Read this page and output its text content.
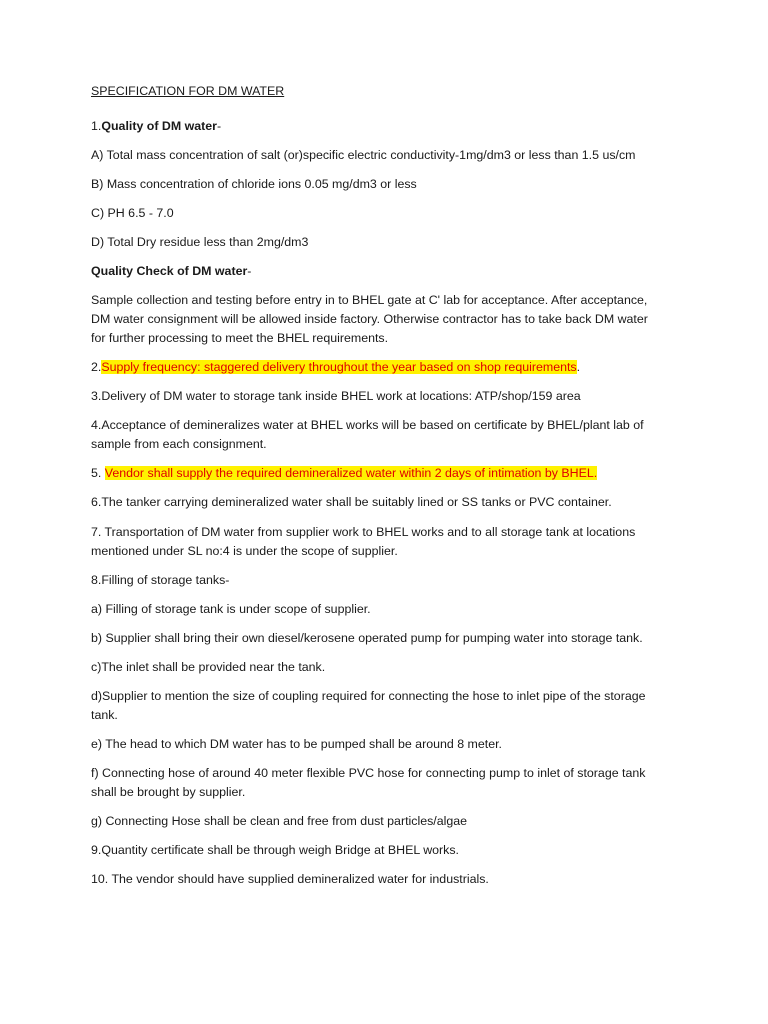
SPECIFICATION FOR DM WATER

1.Quality of DM water-

A) Total mass concentration of salt (or)specific electric conductivity-1mg/dm3 or less than 1.5 us/cm

B) Mass concentration of chloride ions 0.05 mg/dm3 or less

C) PH 6.5 - 7.0

D) Total Dry residue less than 2mg/dm3

Quality Check of DM water-

Sample collection and testing before entry in to BHEL gate at C' lab for acceptance. After acceptance,

DM water consignment will be allowed inside factory. Otherwise contractor has to take back DM water

for further processing to meet the BHEL requirements.

2.Supply frequency: staggered delivery throughout the year based on shop requirements.

3.Delivery of DM water to storage tank inside BHEL work at locations: ATP/shop/159 area

4.Acceptance of demineralizes water at BHEL works will be based on certificate by BHEL/plant lab of

sample from each consignment.

5. Vendor shall supply the required demineralized water within 2 days of intimation by BHEL.

6.The tanker carrying demineralized water shall be suitably lined or SS tanks or PVC container.

7. Transportation of DM water from supplier work to BHEL works and to all storage tank at locations

mentioned under SL no:4 is under the scope of supplier.

8.Filling of storage tanks-

a) Filling of storage tank is under scope of supplier.

b) Supplier shall bring their own diesel/kerosene operated pump for pumping water into storage tank.

c)The inlet shall be provided near the tank.

d)Supplier to mention the size of coupling required for connecting the hose to inlet pipe of the storage

tank.

e) The head to which DM water has to be pumped shall be around 8 meter.

f) Connecting hose of around 40 meter flexible PVC hose for connecting pump to inlet of storage tank

shall be brought by supplier.

g) Connecting Hose shall be clean and free from dust particles/algae

9.Quantity certificate shall be through weigh Bridge at BHEL works.

10. The vendor should have supplied demineralized water for industrials.
